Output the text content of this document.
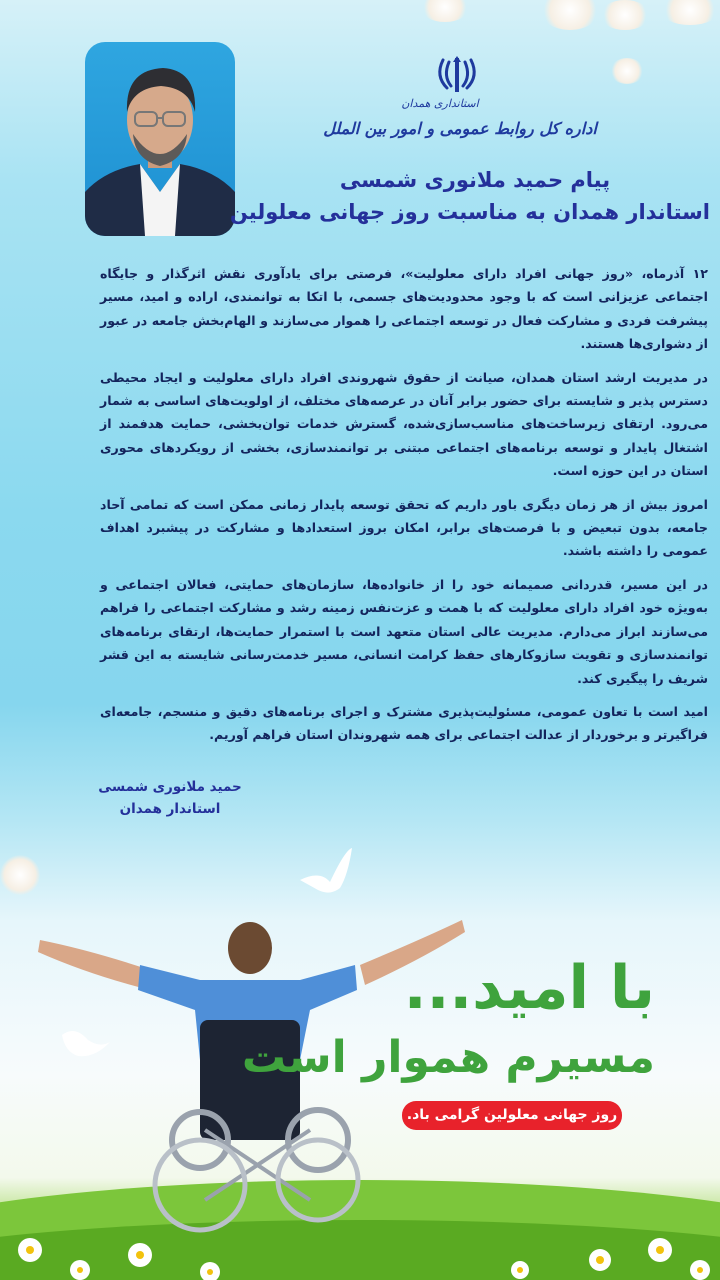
استانداری همدان
اداره کل روابط عمومی و امور بین الملل
پیام حمید ملانوری شمسی
استاندار همدان به مناسبت روز جهانی معلولین

۱۲ آذرماه، «روز جهانی افراد دارای معلولیت»، فرصتی برای یادآوری نقش اثرگذار و جایگاه اجتماعی عزیزانی است که با وجود محدودیت‌های جسمی، با اتکا به توانمندی، اراده و امید، مسیر پیشرفت فردی و مشارکت فعال در توسعه اجتماعی را هموار می‌سازند و الهام‌بخش جامعه در عبور از دشواری‌ها هستند.

در مدیریت ارشد استان همدان، صیانت از حقوق شهروندی افراد دارای معلولیت و ایجاد محیطی دسترس پذیر و شایسته برای حضور برابر آنان در عرصه‌های مختلف، از اولویت‌های اساسی به شمار می‌رود. ارتقای زیرساخت‌های مناسب‌سازی‌شده، گسترش خدمات توان‌بخشی، حمایت هدفمند از اشتغال پایدار و توسعه برنامه‌های اجتماعی مبتنی بر توانمندسازی، بخشی از رویکردهای محوری استان در این حوزه است.

امروز بیش از هر زمان دیگری باور داریم که تحقق توسعه پایدار زمانی ممکن است که تمامی آحاد جامعه، بدون تبعیض و با فرصت‌های برابر، امکان بروز استعدادها و مشارکت در پیشبرد اهداف عمومی را داشته باشند.

در این مسیر، قدردانی صمیمانه خود را از خانواده‌ها، سازمان‌های حمایتی، فعالان اجتماعی و به‌ویژه خود افراد دارای معلولیت که با همت و عزت‌نفس زمینه رشد و مشارکت اجتماعی را فراهم می‌سازند ابراز می‌دارم. مدیریت عالی استان متعهد است با استمرار حمایت‌ها، ارتقای برنامه‌های توانمندسازی و تقویت سازوکارهای حفظ کرامت انسانی، مسیر خدمت‌رسانی شایسته به این قشر شریف را پیگیری کند.

امید است با تعاون عمومی، مسئولیت‌پذیری مشترک و اجرای برنامه‌های دقیق و منسجم، جامعه‌ای فراگیرتر و برخوردار از عدالت اجتماعی برای همه شهروندان استان فراهم آوریم.

حمید ملانوری شمسی
استاندار همدان
با امید...
مسیرم هموار است
روز جهانی معلولین گرامی باد.
